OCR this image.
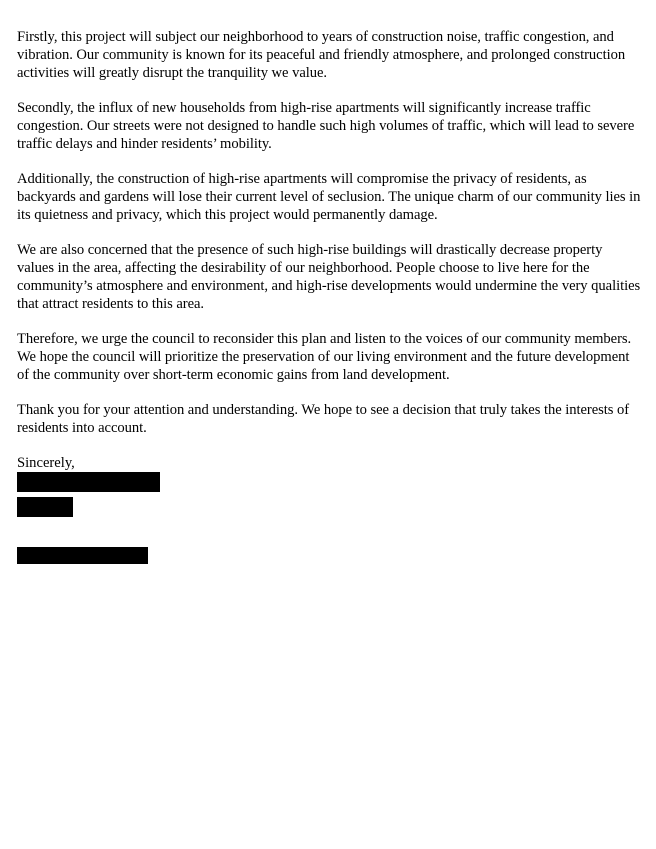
Firstly, this project will subject our neighborhood to years of construction noise, traffic congestion, and vibration. Our community is known for its peaceful and friendly atmosphere, and prolonged construction activities will greatly disrupt the tranquility we value.

Secondly, the influx of new households from high-rise apartments will significantly increase traffic congestion. Our streets were not designed to handle such high volumes of traffic, which will lead to severe traffic delays and hinder residents’ mobility.

Additionally, the construction of high-rise apartments will compromise the privacy of residents, as backyards and gardens will lose their current level of seclusion. The unique charm of our community lies in its quietness and privacy, which this project would permanently damage.

We are also concerned that the presence of such high-rise buildings will drastically decrease property values in the area, affecting the desirability of our neighborhood. People choose to live here for the community’s atmosphere and environment, and high-rise developments would undermine the very qualities that attract residents to this area.

Therefore, we urge the council to reconsider this plan and listen to the voices of our community members. We hope the council will prioritize the preservation of our living environment and the future development of the community over short-term economic gains from land development.

Thank you for your attention and understanding. We hope to see a decision that truly takes the interests of residents into account.

Sincerely,
